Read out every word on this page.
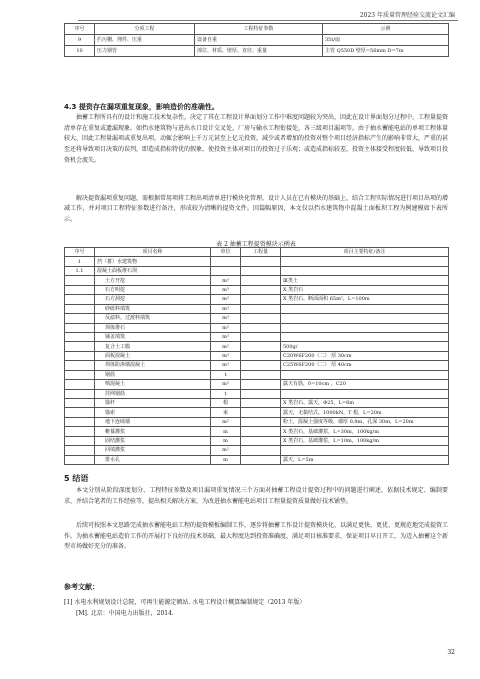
2023 年质量管理经验交流论文汇编
序号	分项工程	工程特征参数	示例
9	拦污栅、埋件、压重	设备自重	35t/扇
10	压力钢管	部位、材质、壁厚、直径、重量	主管 Q550D 壁厚=56mm D=7m
4.3 提资存在漏项重复现象，影响造价的准确性。
抽蓄工程所具有的设计和施工技术复杂性，决定了其在工程设计界面划分工作中难度问题较为突出，因此在设计界面划分过程中，工程量提资清单存在重复或遗漏现象。如挡水建筑物与进出水口设计交叉处，厂房与输水工程衔接处，各三级项目漏项等。由于抽水蓄能电站的单项工程体量较大，因此工程量漏项或重复出项，动辄会影响上千万元甚至上亿元投资，减少或者增加的投资对整个项目经济指标产生的影响非常大，严重的甚至还将导致项目决策的误判，即造成指标特优的假象，使投资主体对项目的投资过于乐观；或造成指标较差，投资主体接受程度较低，导致项目投资机会流失。
解决提资漏项重复问题，需根据常用项将工程出项清单进行模块化管理。设计人员在已有模块的基础上，结合工程实际情况进行项目出项的增减工作，并对项目工程特征参数进行备注，形成较为清晰的提资文件。因篇幅原因，本文仅以挡水建筑物中混凝土面板坝工程为例建模如下表所示。
表 2 抽蓄工程提资模块示例表
序号	项目名称	单位	工程量	项目主要特征/备注
1	挡（蓄）水建筑物			
1.1	混凝土面板堆石坝			
	土方开挖	m³		Ⅲ类土
	石方明挖	m³		X 类岩石
	石方洞挖	m³		X 类岩石，断面面积 65m²，L=100m
	砂砾料填筑	m³		
	反滤料、过渡料填筑	m³		
	坝体堆石	m³		
	铺盖填筑	m³		
	复合土工膜	m²		500g/
	面板混凝土	m³		C20W6F200（二） 厚 30cm
	坝体防渗墙混凝土	m³		C25W6F200（二） 厚 40cm
	钢筋	t		
	喷混凝土	m³		露天有筋，δ=10cm ，C20
	挂网钢筋	t		
	锚杆	根		X 类岩石、露天，Φ25，L=6m
	锚索	束		露天，无黏结式，1000kN，T 根，L=20m
	地下连续墙	m²		粉土，混凝土强度等级、墙厚 0.8m，孔深 30m，L=20m
	帷幕灌浆	m		X 类岩石，基础灌浆，L=30m，100kg/m
	固结灌浆	m		X 类岩石，基础灌浆，L=10m，100kg/m
	回填灌浆	m²		
	排水孔	m		露天，L=5m
5 结语
本文分别从阶段深度划分、工程特征参数及项目漏项重复情况三个方面对抽蓄工程设计提资过程中的问题进行阐述，依据技术规定、编制要求，并结合笔者的工作经验等，提出相关解决方案，为改进抽水蓄能电站项目工程量提资质量做好技术铺垫。
后续可按照本文思路完成抽水蓄能电站工程的提资模板编制工作，逐步将抽蓄工作设计提资模块化，以满足更快、更优、更规范地完成提资工作。为抽水蓄能电站造价工作的开展打下良好的技术基础，最大程度达到投资准确度，满足项目核准要求，保证项目早日开工，为迈入抽蓄这个新型市场做好充分的准备。
参考文献：
[1] 水电水利规划设计总院，可再生能源定额站. 水电工程设计概算编制规定（2013 年版）
[M]. 北京：中国电力出版社，2014.
32
